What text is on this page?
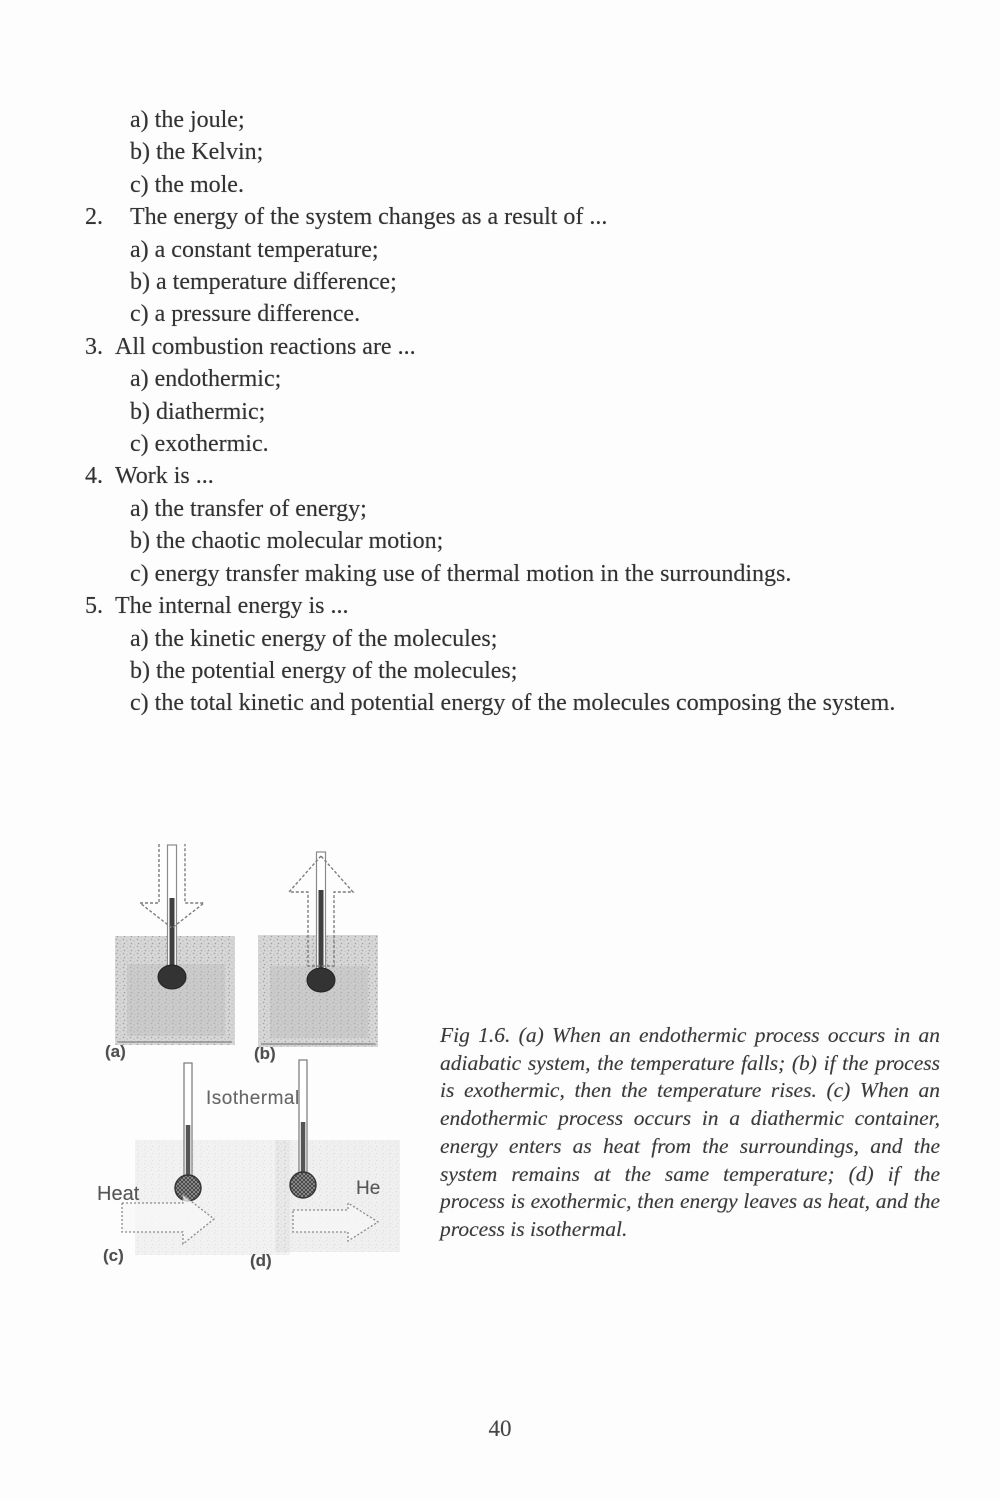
a) the joule;
b) the Kelvin;
c) the mole.
2.	The energy of the system changes as a result of ...
a) a constant temperature;
b) a temperature difference;
c) a pressure difference.
3. All combustion reactions are ...
a) endothermic;
b) diathermic;
c) exothermic.
4. Work is ...
a) the transfer of energy;
b) the chaotic molecular motion;
c) energy transfer making use of thermal motion in the surroundings.
5. The internal energy is ...
a) the kinetic energy of the molecules;
b) the potential energy of the molecules;
c) the total kinetic and potential energy of the molecules composing the system.
(a)	(b)
Isothermal
Heat	He
(c)	(d)
Fig 1.6. (a) When an endothermic process occurs in an adiabatic system, the temperature falls; (b) if the process is exothermic, then the temperature rises. (c) When an endothermic process occurs in a diathermic container, energy enters as heat from the surroundings, and the system remains at the same temperature; (d) if the process is exothermic, then energy leaves as heat, and the process is isothermal.
40
